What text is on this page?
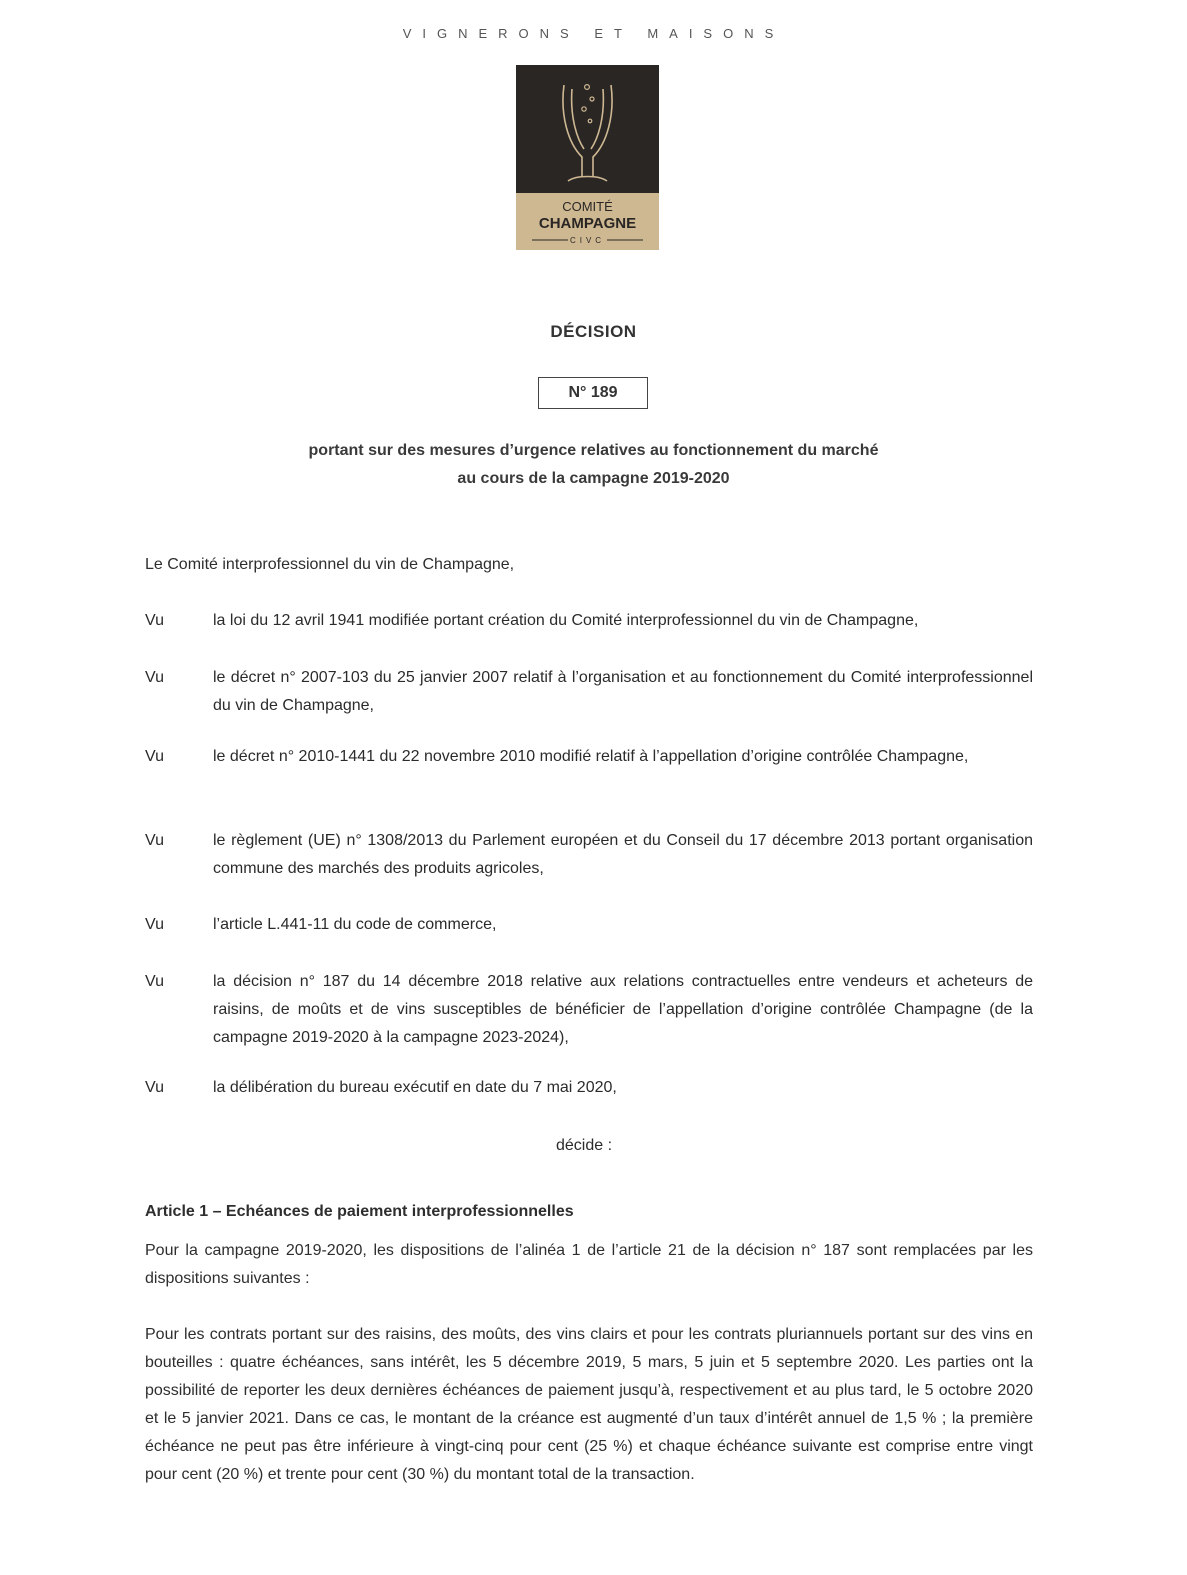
VIGNERONS ET MAISONS
COMITÉ
CHAMPAGNE
CIVC
DÉCISION
N° 189
portant sur des mesures d’urgence relatives au fonctionnement du marché
au cours de la campagne 2019-2020
Le Comité interprofessionnel du vin de Champagne,
Vu	la loi du 12 avril 1941 modifiée portant création du Comité interprofessionnel du vin de Champagne,
Vu	le décret n° 2007-103 du 25 janvier 2007 relatif à l’organisation et au fonctionnement du Comité interprofessionnel du vin de Champagne,
Vu	le décret n° 2010-1441 du 22 novembre 2010 modifié relatif à l’appellation d’origine contrôlée Champagne,
Vu	le règlement (UE) n° 1308/2013 du Parlement européen et du Conseil du 17 décembre 2013 portant organisation commune des marchés des produits agricoles,
Vu	l’article L.441-11 du code de commerce,
Vu	la décision n° 187 du 14 décembre 2018 relative aux relations contractuelles entre vendeurs et acheteurs de raisins, de moûts et de vins susceptibles de bénéficier de l’appellation d’origine contrôlée Champagne (de la campagne 2019-2020 à la campagne 2023-2024),
Vu	la délibération du bureau exécutif en date du 7 mai 2020,
décide :
Article 1 – Echéances de paiement interprofessionnelles
Pour la campagne 2019-2020, les dispositions de l’alinéa 1 de l’article 21 de la décision n° 187 sont remplacées par les dispositions suivantes :
Pour les contrats portant sur des raisins, des moûts, des vins clairs et pour les contrats pluriannuels portant sur des vins en bouteilles : quatre échéances, sans intérêt, les 5 décembre 2019, 5 mars, 5 juin et 5 septembre 2020. Les parties ont la possibilité de reporter les deux dernières échéances de paiement jusqu’à, respectivement et au plus tard, le 5 octobre 2020 et le 5 janvier 2021. Dans ce cas, le montant de la créance est augmenté d’un taux d’intérêt annuel de 1,5 % ; la première échéance ne peut pas être inférieure à vingt-cinq pour cent (25 %) et chaque échéance suivante est comprise entre vingt pour cent (20 %) et trente pour cent (30 %) du montant total de la transaction.
